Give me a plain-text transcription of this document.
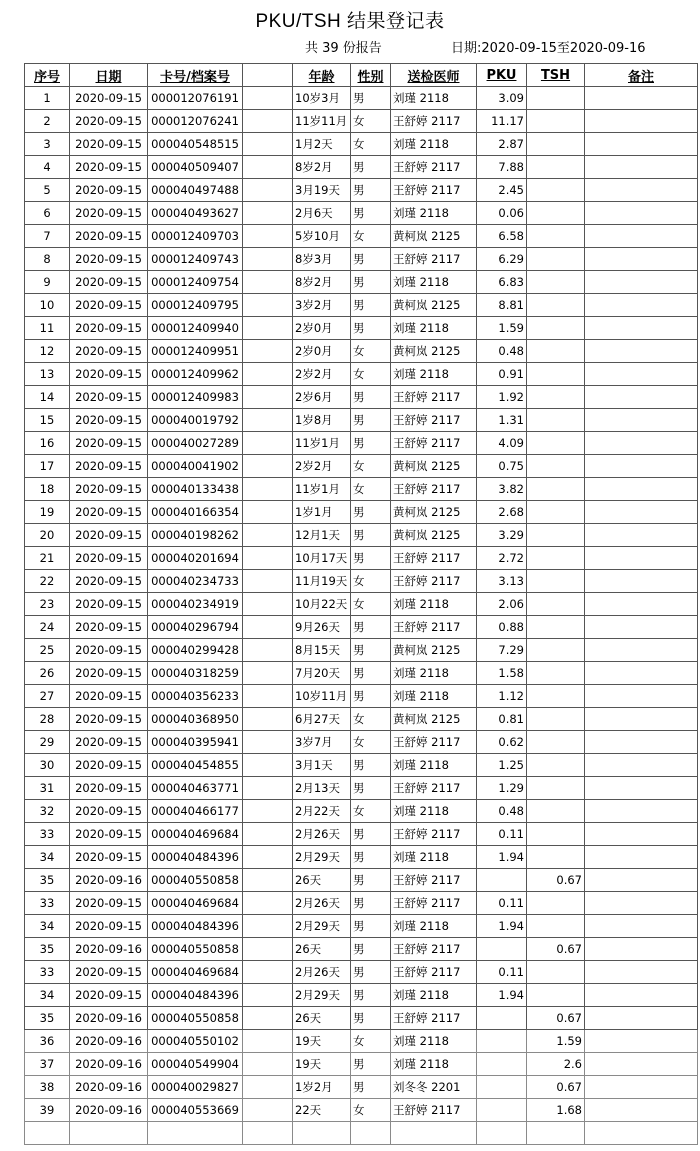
PKU/TSH 结果登记表
共 39 份报告	日期:2020-09-15至2020-09-16
序号	日期	卡号/档案号		年龄	性别	送检医师	PKU	TSH	备注
1	2020-09-15	000012076191		10岁3月	男	刘瑾 2118	3.09		
2	2020-09-15	000012076241		11岁11月	女	王舒婷 2117	11.17		
3	2020-09-15	000040548515		1月2天	女	刘瑾 2118	2.87		
4	2020-09-15	000040509407		8岁2月	男	王舒婷 2117	7.88		
5	2020-09-15	000040497488		3月19天	男	王舒婷 2117	2.45		
6	2020-09-15	000040493627		2月6天	男	刘瑾 2118	0.06		
7	2020-09-15	000012409703		5岁10月	女	黄柯岚 2125	6.58		
8	2020-09-15	000012409743		8岁3月	男	王舒婷 2117	6.29		
9	2020-09-15	000012409754		8岁2月	男	刘瑾 2118	6.83		
10	2020-09-15	000012409795		3岁2月	男	黄柯岚 2125	8.81		
11	2020-09-15	000012409940		2岁0月	男	刘瑾 2118	1.59		
12	2020-09-15	000012409951		2岁0月	女	黄柯岚 2125	0.48		
13	2020-09-15	000012409962		2岁2月	女	刘瑾 2118	0.91		
14	2020-09-15	000012409983		2岁6月	男	王舒婷 2117	1.92		
15	2020-09-15	000040019792		1岁8月	男	王舒婷 2117	1.31		
16	2020-09-15	000040027289		11岁1月	男	王舒婷 2117	4.09		
17	2020-09-15	000040041902		2岁2月	女	黄柯岚 2125	0.75		
18	2020-09-15	000040133438		11岁1月	女	王舒婷 2117	3.82		
19	2020-09-15	000040166354		1岁1月	男	黄柯岚 2125	2.68		
20	2020-09-15	000040198262		12月1天	男	黄柯岚 2125	3.29		
21	2020-09-15	000040201694		10月17天	男	王舒婷 2117	2.72		
22	2020-09-15	000040234733		11月19天	女	王舒婷 2117	3.13		
23	2020-09-15	000040234919		10月22天	女	刘瑾 2118	2.06		
24	2020-09-15	000040296794		9月26天	男	王舒婷 2117	0.88		
25	2020-09-15	000040299428		8月15天	男	黄柯岚 2125	7.29		
26	2020-09-15	000040318259		7月20天	男	刘瑾 2118	1.58		
27	2020-09-15	000040356233		10岁11月	男	刘瑾 2118	1.12		
28	2020-09-15	000040368950		6月27天	女	黄柯岚 2125	0.81		
29	2020-09-15	000040395941		3岁7月	女	王舒婷 2117	0.62		
30	2020-09-15	000040454855		3月1天	男	刘瑾 2118	1.25		
31	2020-09-15	000040463771		2月13天	男	王舒婷 2117	1.29		
32	2020-09-15	000040466177		2月22天	女	刘瑾 2118	0.48		
33	2020-09-15	000040469684		2月26天	男	王舒婷 2117	0.11		
34	2020-09-15	000040484396		2月29天	男	刘瑾 2118	1.94		
35	2020-09-16	000040550858		26天	男	王舒婷 2117		0.67	
33	2020-09-15	000040469684		2月26天	男	王舒婷 2117	0.11		
34	2020-09-15	000040484396		2月29天	男	刘瑾 2118	1.94		
35	2020-09-16	000040550858		26天	男	王舒婷 2117		0.67	
33	2020-09-15	000040469684		2月26天	男	王舒婷 2117	0.11		
34	2020-09-15	000040484396		2月29天	男	刘瑾 2118	1.94		
35	2020-09-16	000040550858		26天	男	王舒婷 2117		0.67	
36	2020-09-16	000040550102		19天	女	刘瑾 2118		1.59	
37	2020-09-16	000040549904		19天	男	刘瑾 2118		2.6	
38	2020-09-16	000040029827		1岁2月	男	刘冬冬 2201		0.67	
39	2020-09-16	000040553669		22天	女	王舒婷 2117		1.68	
